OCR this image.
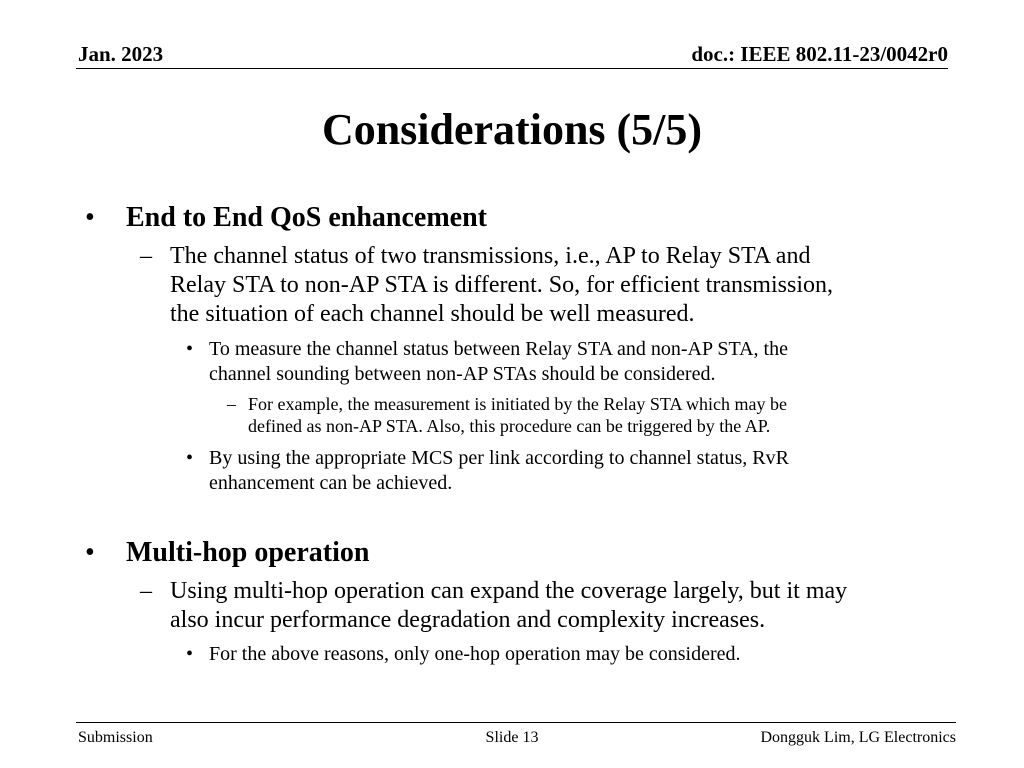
Jan. 2023	doc.: IEEE 802.11-23/0042r0
Considerations (5/5)
• End to End QoS enhancement
– The channel status of two transmissions, i.e., AP to Relay STA and
Relay STA to non-AP STA is different. So, for efficient transmission,
the situation of each channel should be well measured.
• To measure the channel status between Relay STA and non-AP STA, the
channel sounding between non-AP STAs should be considered.
– For example, the measurement is initiated by the Relay STA which may be
defined as non-AP STA. Also, this procedure can be triggered by the AP.
• By using the appropriate MCS per link according to channel status, RvR
enhancement can be achieved.
• Multi-hop operation
– Using multi-hop operation can expand the coverage largely, but it may
also incur performance degradation and complexity increases.
• For the above reasons, only one-hop operation may be considered.
Submission	Slide 13	Dongguk Lim, LG Electronics
